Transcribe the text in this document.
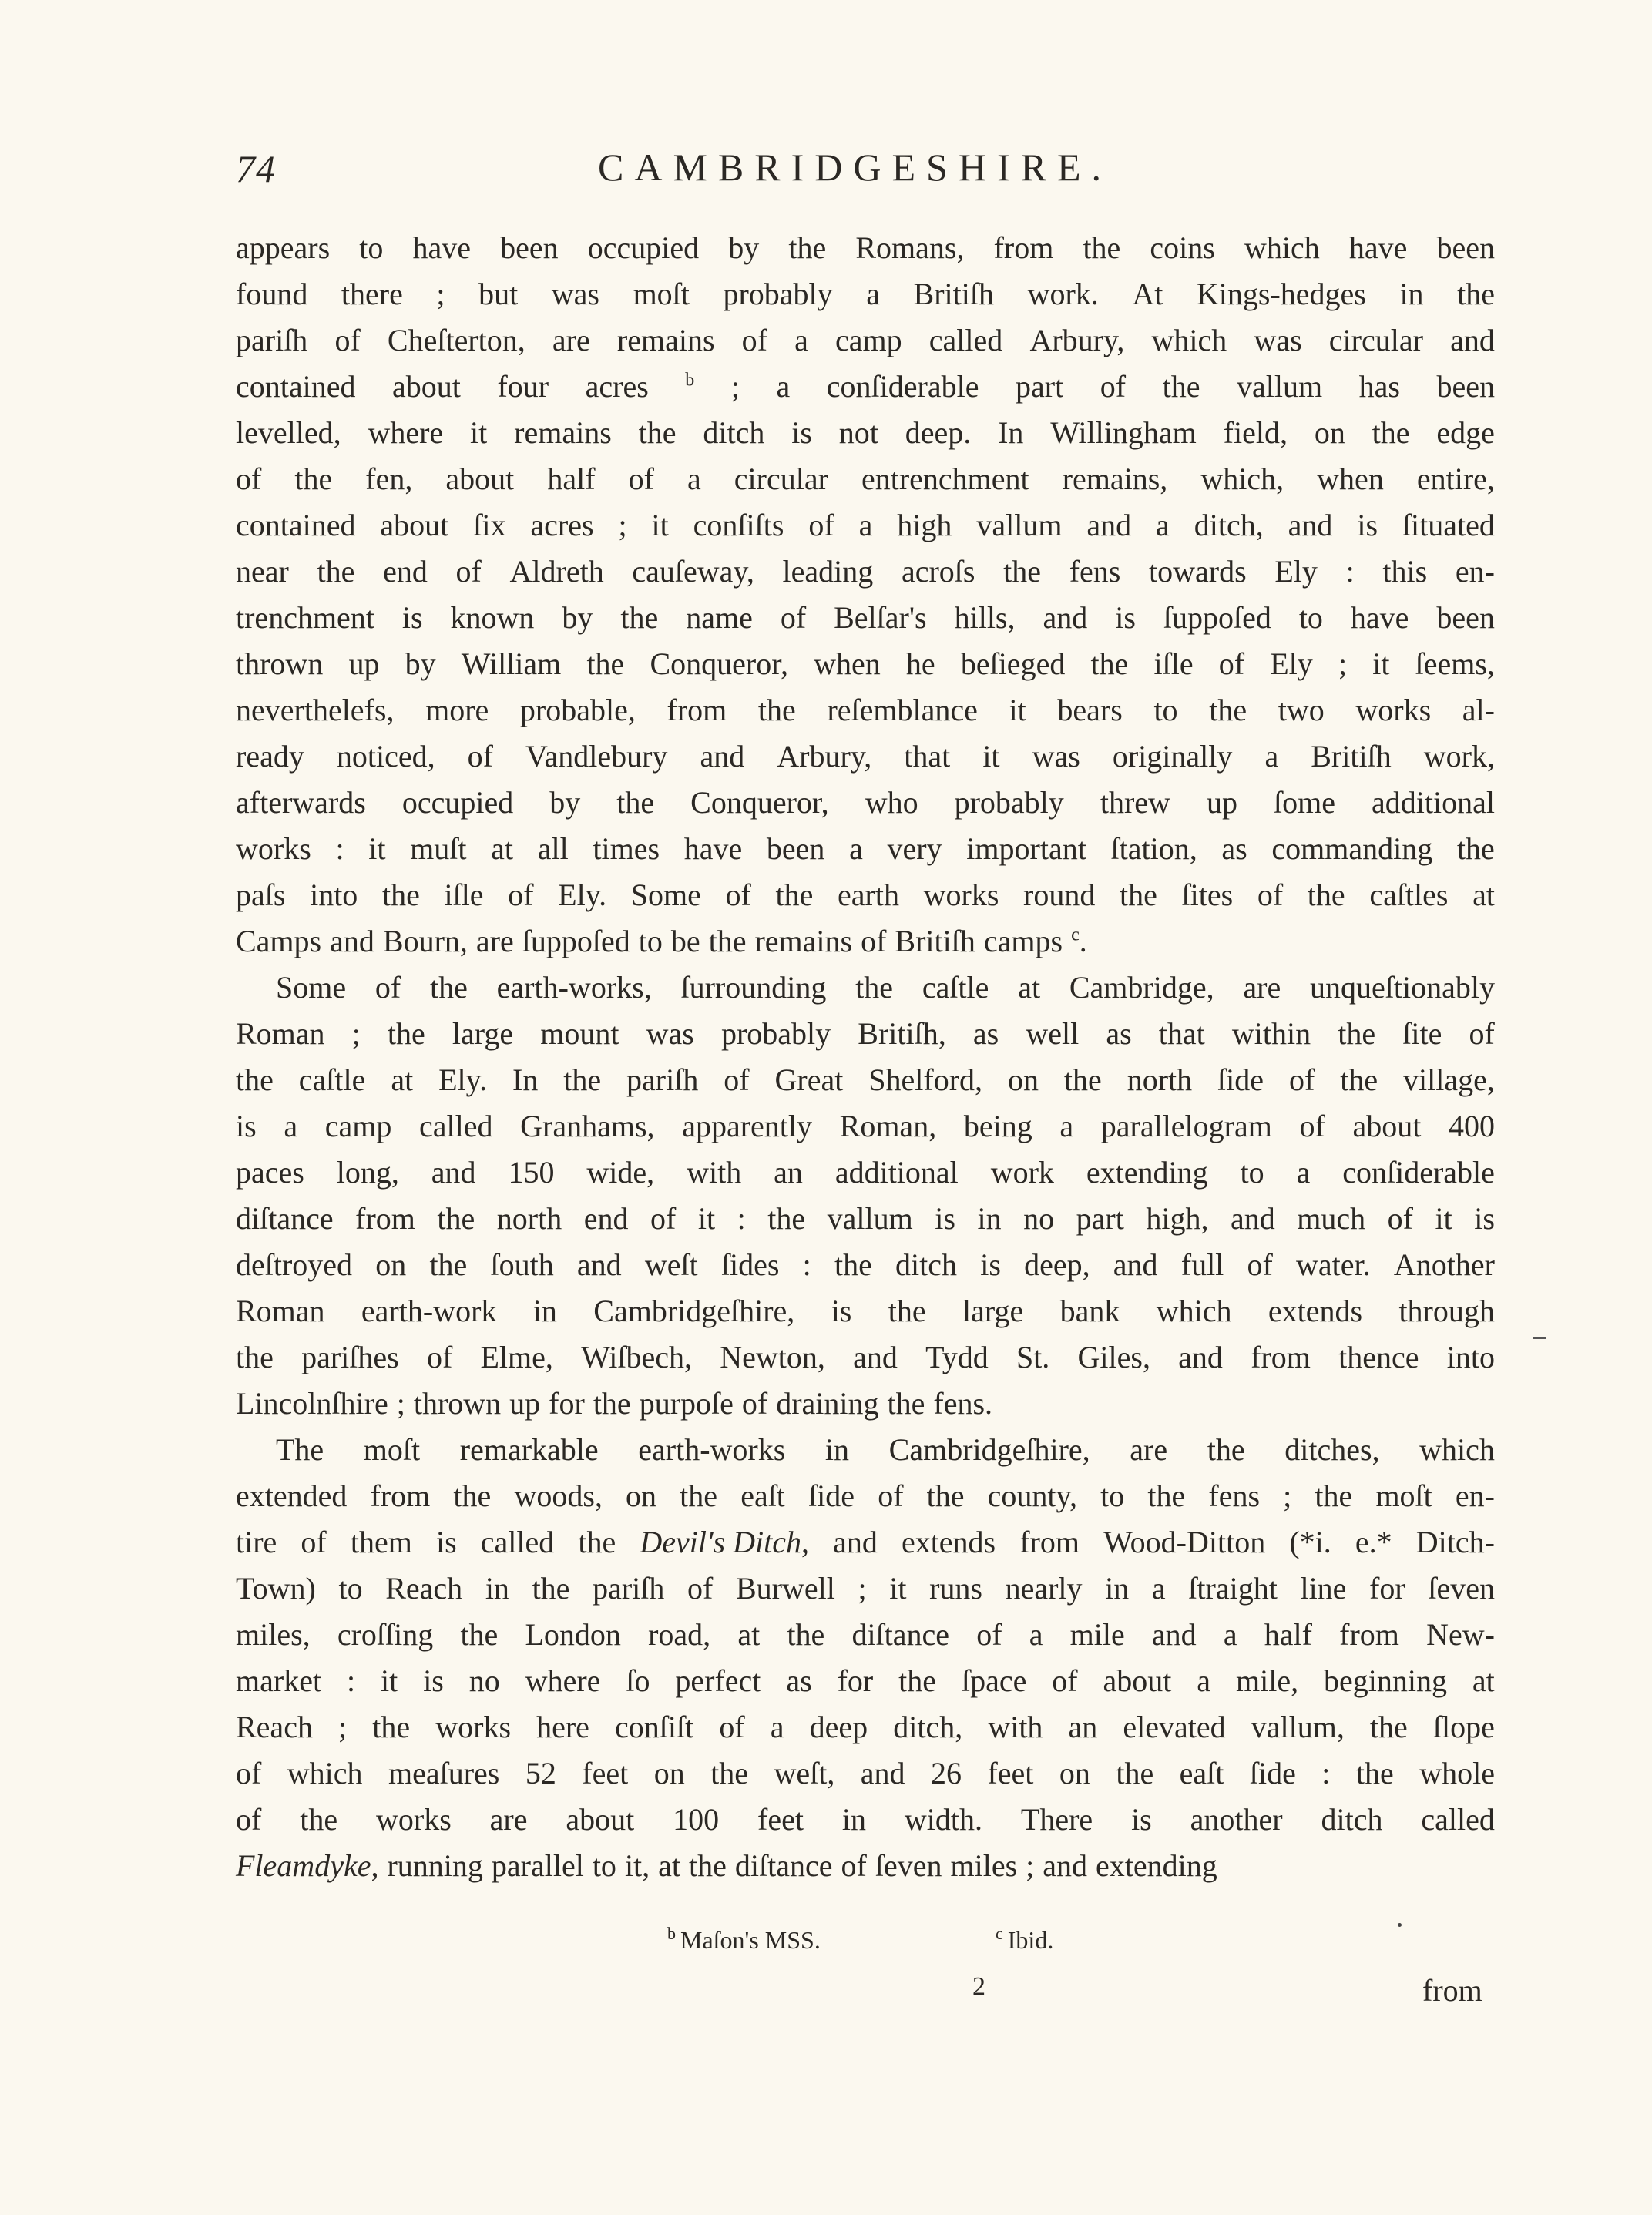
74	CAMBRIDGESHIRE.
appears to have been occupied by the Romans, from the coins which have been
found there ; but was moſt probably a Britiſh work. At Kings-hedges in the
pariſh of Cheſterton, are remains of a camp called Arbury, which was circular and
contained about four acres $^b$ ; a conſiderable part of the vallum has been
levelled, where it remains the ditch is not deep. In Willingham field, on the edge
of the fen, about half of a circular entrenchment remains, which, when entire,
contained about ſix acres ; it conſiſts of a high vallum and a ditch, and is ſituated
near the end of Aldreth cauſeway, leading acroſs the fens towards Ely : this en-
trenchment is known by the name of Belſar's hills, and is ſuppoſed to have been
thrown up by William the Conqueror, when he beſieged the iſle of Ely ; it ſeems,
neverthelefs, more probable, from the reſemblance it bears to the two works al-
ready noticed, of Vandlebury and Arbury, that it was originally a Britiſh work,
afterwards occupied by the Conqueror, who probably threw up ſome additional
works : it muſt at all times have been a very important ſtation, as commanding the
paſs into the iſle of Ely. Some of the earth works round the ſites of the caſtles at
Camps and Bourn, are ſuppoſed to be the remains of Britiſh camps $^c$.
Some of the earth-works, ſurrounding the caſtle at Cambridge, are unqueſtionably
Roman ; the large mount was probably Britiſh, as well as that within the ſite of
the caſtle at Ely. In the pariſh of Great Shelford, on the north ſide of the village,
is a camp called Granhams, apparently Roman, being a parallelogram of about 400
paces long, and 150 wide, with an additional work extending to a conſiderable
diſtance from the north end of it : the vallum is in no part high, and much of it is
deſtroyed on the ſouth and weſt ſides : the ditch is deep, and full of water. Another
Roman earth-work in Cambridgeſhire, is the large bank which extends through
the pariſhes of Elme, Wiſbech, Newton, and Tydd St. Giles, and from thence into
Lincolnſhire ; thrown up for the purpoſe of draining the fens.
The moſt remarkable earth-works in Cambridgeſhire, are the ditches, which
extended from the woods, on the eaſt ſide of the county, to the fens ; the moſt en-
tire of them is called the Devil's Ditch, and extends from Wood-Ditton (*i. e.* Ditch-
Town) to Reach in the pariſh of Burwell ; it runs nearly in a ſtraight line for ſeven
miles, croſſing the London road, at the diſtance of a mile and a half from New-
market : it is no where ſo perfect as for the ſpace of about a mile, beginning at
Reach ; the works here conſiſt of a deep ditch, with an elevated vallum, the ſlope
of which meaſures 52 feet on the weſt, and 26 feet on the eaſt ſide : the whole
of the works are about 100 feet in width. There is another ditch called
Fleamdyke, running parallel to it, at the diſtance of ſeven miles ; and extending
$^b$ Maſon's MSS.	$^c$ Ibid.
2	from
